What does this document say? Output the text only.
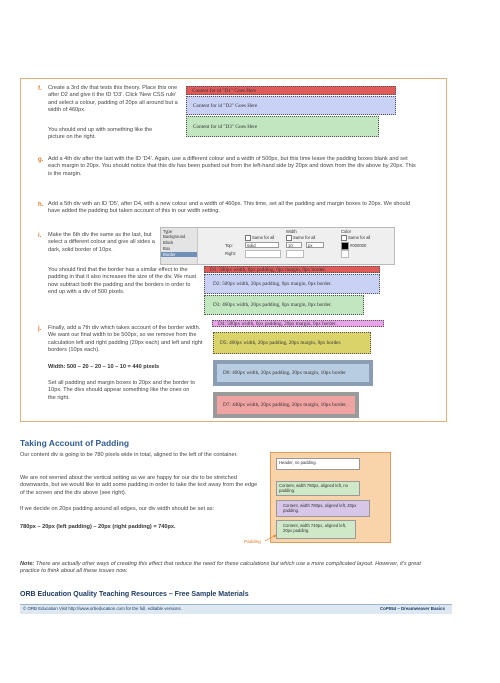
f. Create a 3rd div that tests this theory. Place this one after D2 and give it the ID 'D3'. Click 'New CSS rule' and select a colour, padding of 20px all around but a width of 460px.
You should end up with something like the picture on the right.
Content for id "D1" Goes Here
Content for id "D2" Goes Here
Content for id "D3" Goes Here
g. Add a 4th div after the last with the ID 'D4'. Again, use a different colour and a width of 500px, but this time leave the padding boxes blank and set each margin to 20px. You should notice that this div has been pushed out from the left-hand side by 20px and down from the div above by 20px. This is the margin.
h. Add a 5th div with an ID 'D5', after D4, with a new colour and a width of 460px. This time, set all the padding and margin boxes to 20px. We should have added the padding but taken account of this in our width setting.
i. Make the 6th div the same as the last, but select a different colour and give all sides a dark, solid border of 10px.
Type
Background
Block
Box
Border
Width	Color
Same for all	Same for all	Same for all
Top:	solid	10	px	#000000
Right:
You should find that the border has a similar effect to the padding in that it also increases the size of the div. We must now subtract both the padding and the borders in order to end up with a div of 500 pixels.
D1: 500px width, 0px padding, 0px margin, 0px border.
D2: 500px width, 20px padding, 0px margin, 0px border.
D3: 460px width, 20px padding, 0px margin, 0px border.
j. Finally, add a 7th div which takes account of the border width. We want our final width to be 500px, so we remove from the calculation left and right padding (20px each) and left and right borders (10px each).
Width: 500 – 20 – 20 – 10 – 10 = 440 pixels
Set all padding and margin boxes to 20px and the border to 10px. The divs should appear something like the ones on the right.
D4: 500px width, 0px padding, 20px margin, 0px border.
D5: 460px width, 20px padding, 20px margin, 0px border.
D6: 460px width, 20px padding, 20px margin, 10px border
D7: 440px width, 20px padding, 20px margin, 10px border.
Taking Account of Padding
Our content div is going to be 780 pixels wide in total, aligned to the left of the container.
We are not worried about the vertical setting as we are happy for our div to be stretched downwards, but we would like to add some padding in order to take the text away from the edge of the screen and the div above (see right).
If we decide on 20px padding around all edges, our div width should be set as:
780px – 20px (left padding) – 20px (right padding) = 740px.
Header, no padding.
Content, width 780px, aligned left, no padding.
Content, width 780px, aligned left, 20px padding.
Content, width 740px, aligned left, 20px padding.
Padding
Note: There are actually other ways of creating this effect that reduce the need for these calculations but which use a more complicated layout. However, it's great practice to think about all these issues now.
ORB Education Quality Teaching Resources – Free Sample Materials
© ORB Education Visit http://www.orbeducation.com for the full, editable versions.	CoP054 – Dreamweaver Basics
